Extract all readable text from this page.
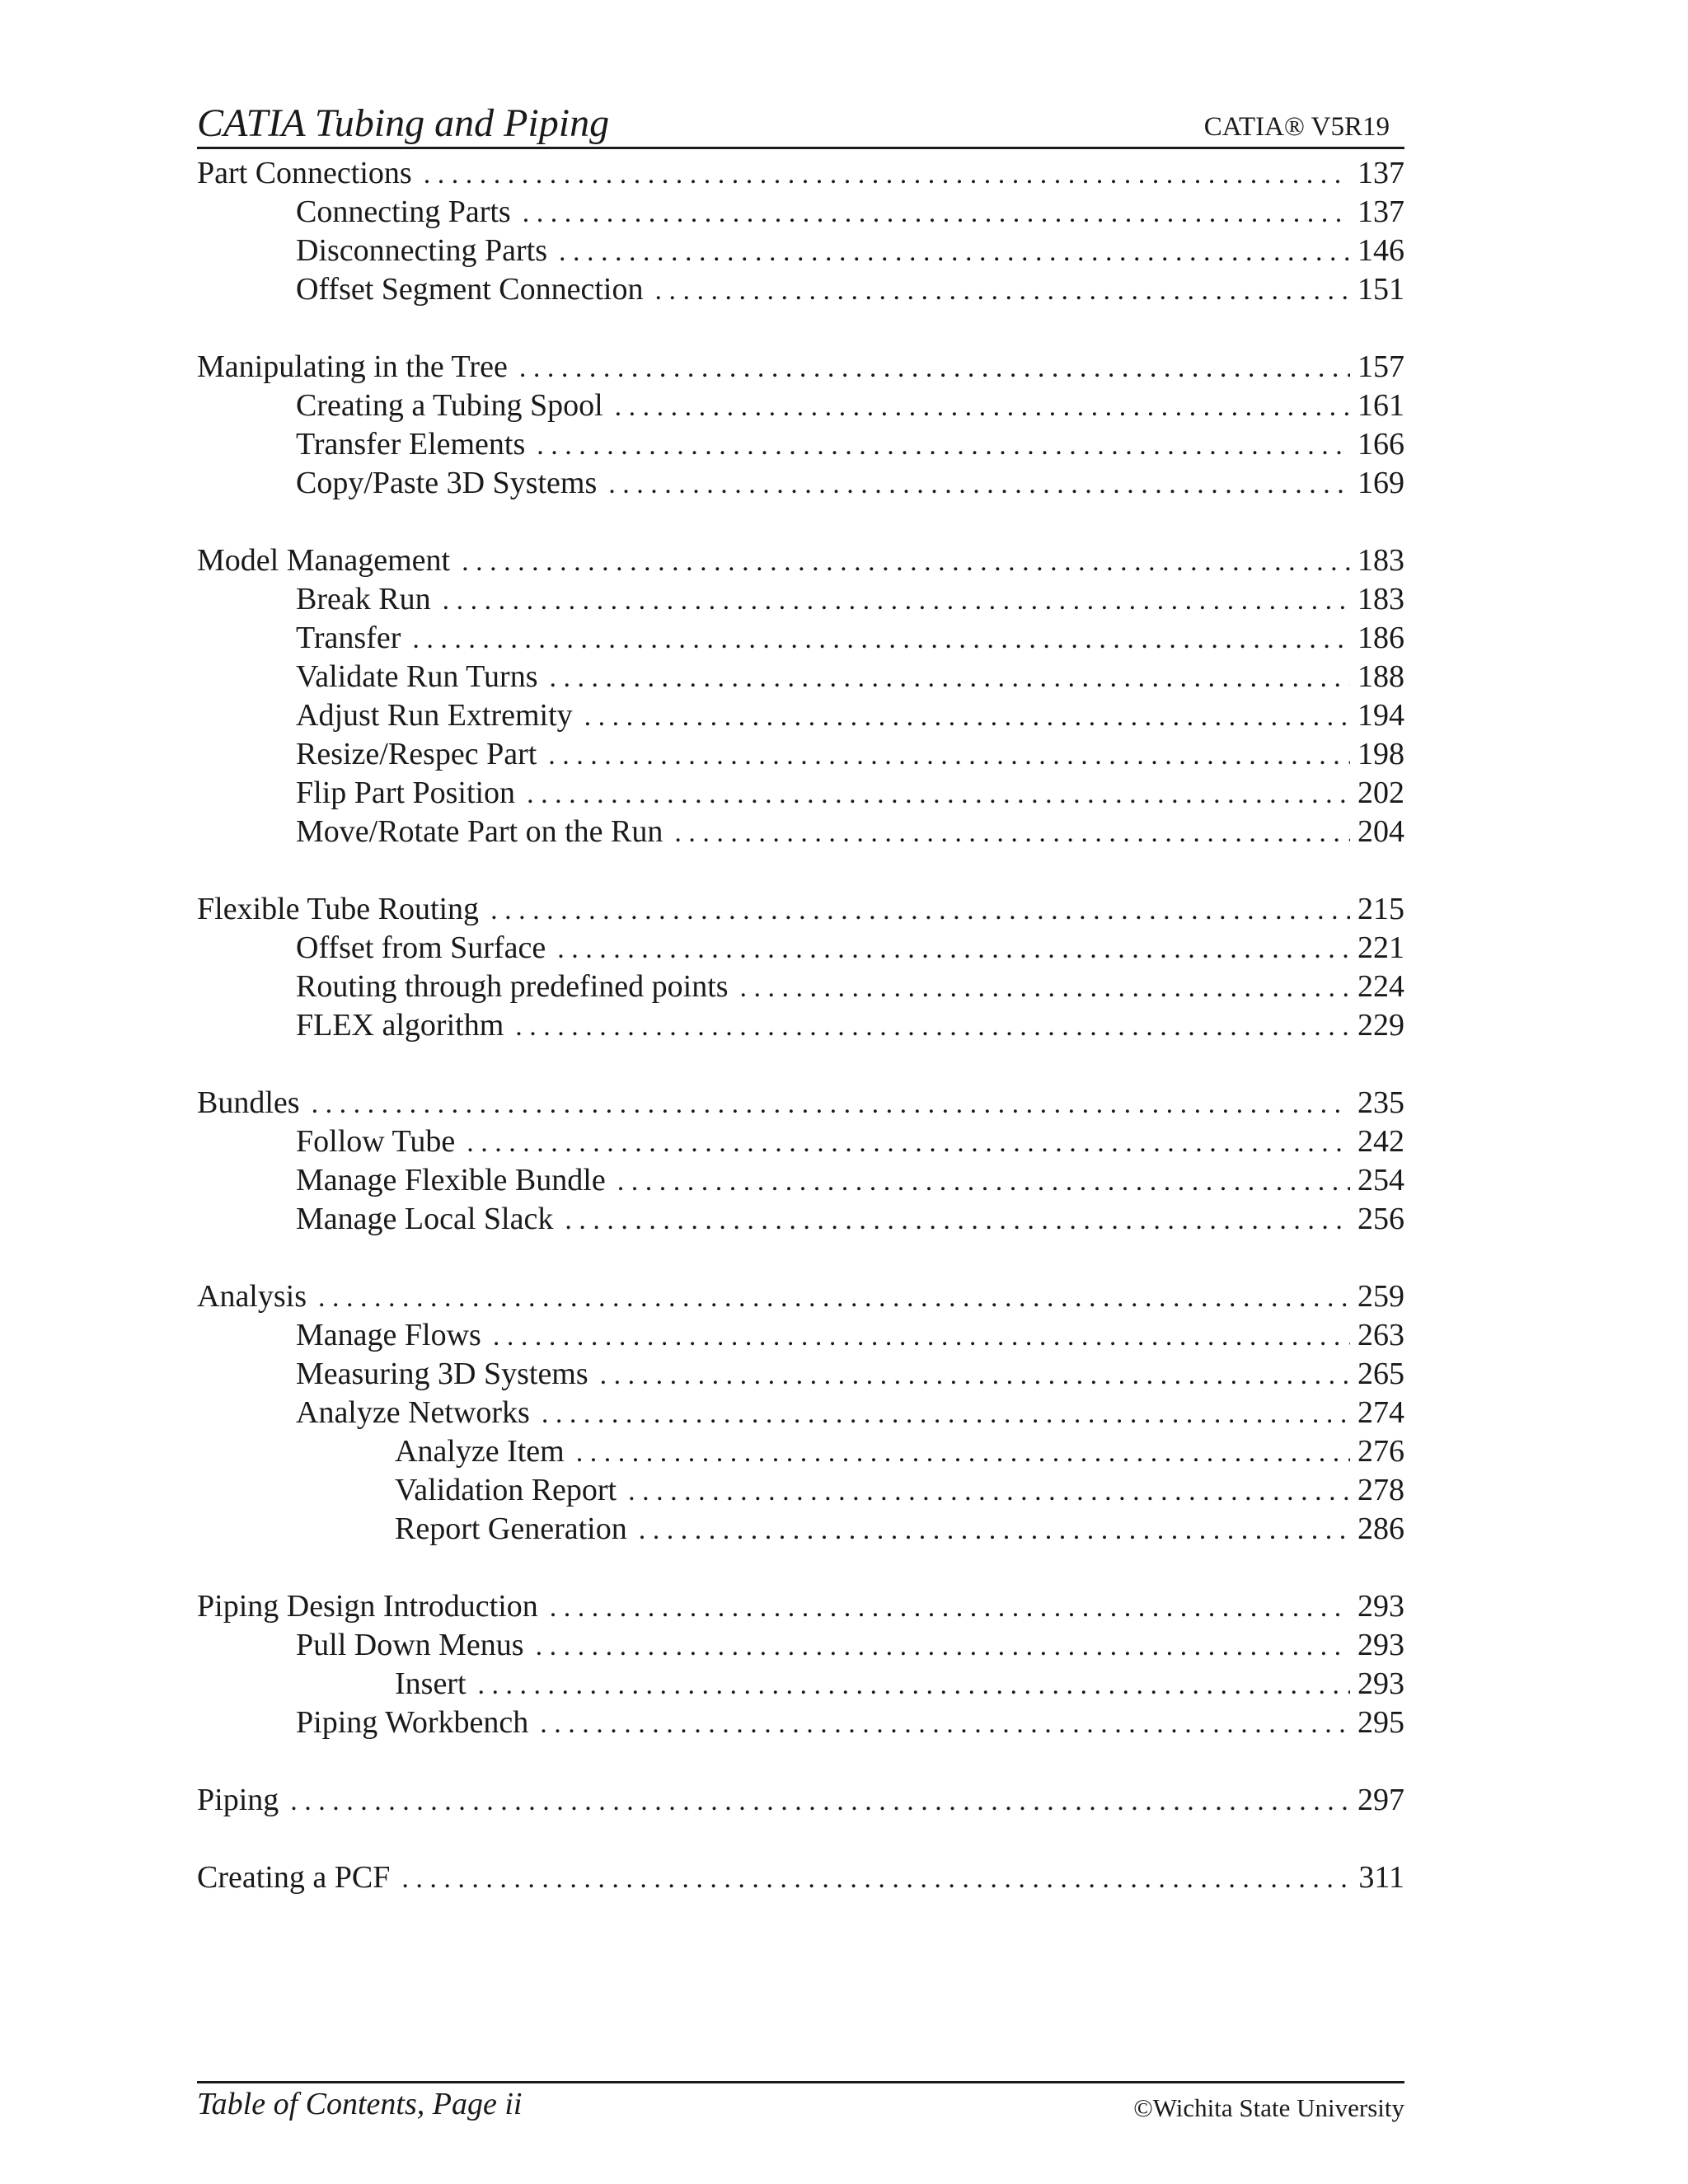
CATIA Tubing and Piping	CATIA® V5R19
Part Connections . . .	137
Connecting Parts . . .	137
Disconnecting Parts . . .	146
Offset Segment Connection . . .	151
Manipulating in the Tree . . .	157
Creating a Tubing Spool . . .	161
Transfer Elements . . .	166
Copy/Paste 3D Systems . . .	169
Model Management . . .	183
Break Run . . .	183
Transfer . . .	186
Validate Run Turns . . .	188
Adjust Run Extremity . . .	194
Resize/Respec Part . . .	198
Flip Part Position . . .	202
Move/Rotate Part on the Run . . .	204
Flexible Tube Routing . . .	215
Offset from Surface . . .	221
Routing through predefined points . . .	224
FLEX algorithm . . .	229
Bundles . . .	235
Follow Tube . . .	242
Manage Flexible Bundle . . .	254
Manage Local Slack . . .	256
Analysis . . .	259
Manage Flows . . .	263
Measuring 3D Systems . . .	265
Analyze Networks . . .	274
Analyze Item . . .	276
Validation Report . . .	278
Report Generation . . .	286
Piping Design Introduction . . .	293
Pull Down Menus . . .	293
Insert . . .	293
Piping Workbench . . .	295
Piping . . .	297
Creating a PCF . . .	311
Table of Contents, Page ii	©Wichita State University
